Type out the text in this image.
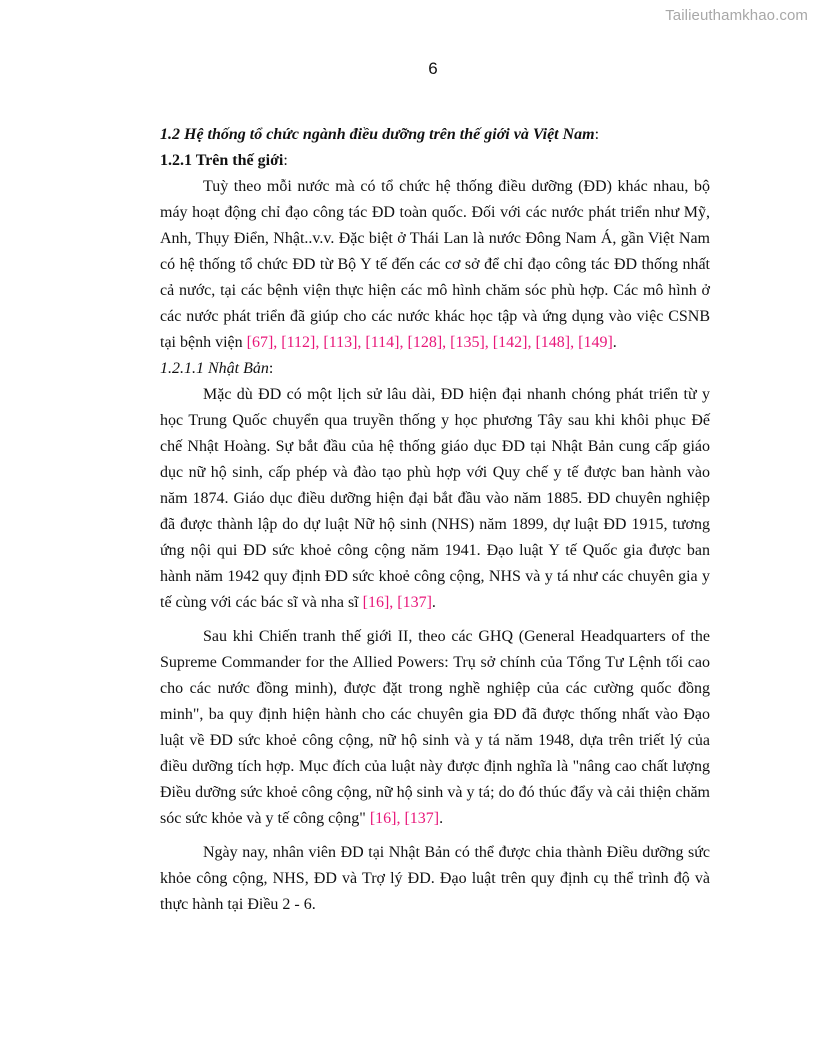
Tailieuthamkhao.com
6

1.2 Hệ thống tổ chức ngành điều dưỡng trên thế giới và Việt Nam:

1.2.1 Trên thế giới:

Tuỳ theo mỗi nước mà có tổ chức hệ thống điều dưỡng (ĐD) khác nhau, bộ máy hoạt động chỉ đạo công tác ĐD toàn quốc. Đối với các nước phát triển như Mỹ, Anh, Thụy Điển, Nhật..v.v. Đặc biệt ở Thái Lan là nước Đông Nam Á, gần Việt Nam có hệ thống tổ chức ĐD từ Bộ Y tế đến các cơ sở để chỉ đạo công tác ĐD thống nhất cả nước, tại các bệnh viện thực hiện các mô hình chăm sóc phù hợp. Các mô hình ở các nước phát triển đã giúp cho các nước khác học tập và ứng dụng vào việc CSNB tại bệnh viện [67], [112], [113], [114], [128], [135], [142], [148], [149].

1.2.1.1 Nhật Bản:

Mặc dù ĐD có một lịch sử lâu dài, ĐD hiện đại nhanh chóng phát triển từ y học Trung Quốc chuyển qua truyền thống y học phương Tây sau khi khôi phục Đế chế Nhật Hoàng. Sự bắt đầu của hệ thống giáo dục ĐD tại Nhật Bản cung cấp giáo dục nữ hộ sinh, cấp phép và đào tạo phù hợp với Quy chế y tế được ban hành vào năm 1874. Giáo dục điều dưỡng hiện đại bắt đầu vào năm 1885. ĐD chuyên nghiệp đã được thành lập do dự luật Nữ hộ sinh (NHS) năm 1899, dự luật ĐD 1915, tương ứng nội qui ĐD sức khoẻ công cộng năm 1941. Đạo luật Y tế Quốc gia được ban hành năm 1942 quy định ĐD sức khoẻ công cộng, NHS và y tá như các chuyên gia y tế cùng với các bác sĩ và nha sĩ [16], [137].

Sau khi Chiến tranh thế giới II, theo các GHQ (General Headquarters of the Supreme Commander for the Allied Powers: Trụ sở chính của Tổng Tư Lệnh tối cao cho các nước đồng minh), được đặt trong nghề nghiệp của các cường quốc đồng minh", ba quy định hiện hành cho các chuyên gia ĐD đã được thống nhất vào Đạo luật về ĐD sức khoẻ công cộng, nữ hộ sinh và y tá năm 1948, dựa trên triết lý của điều dưỡng tích hợp. Mục đích của luật này được định nghĩa là "nâng cao chất lượng Điều dưỡng sức khoẻ công cộng, nữ hộ sinh và y tá; do đó thúc đẩy và cải thiện chăm sóc sức khỏe và y tế công cộng" [16], [137].

Ngày nay, nhân viên ĐD tại Nhật Bản có thể được chia thành Điều dưỡng sức khỏe công cộng, NHS, ĐD và Trợ lý ĐD. Đạo luật trên quy định cụ thể trình độ và thực hành tại Điều 2 - 6.
